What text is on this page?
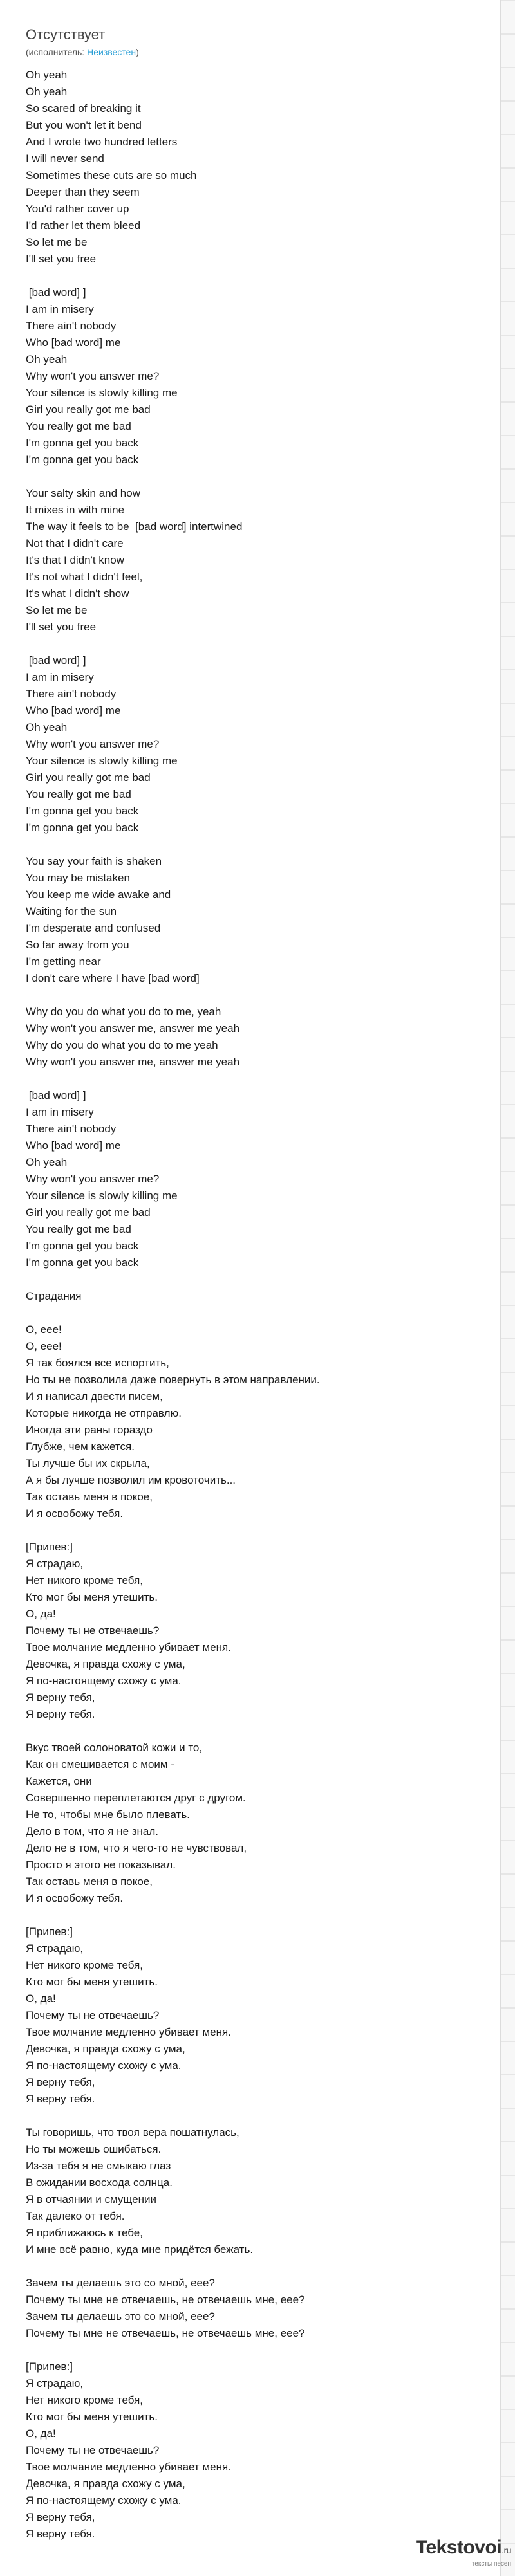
Отсутствует
(исполнитель: Неизвестен)
Oh yeah
Oh yeah
So scared of breaking it
But you won't let it bend
And I wrote two hundred letters
I will never send
Sometimes these cuts are so much
Deeper than they seem
You'd rather cover up
I'd rather let them bleed
So let me be
I'll set you free
[bad word] ]
I am in misery
There ain't nobody
Who [bad word] me
Oh yeah
Why won't you answer me?
Your silence is slowly killing me
Girl you really got me bad
You really got me bad
I'm gonna get you back
I'm gonna get you back
Your salty skin and how
It mixes in with mine
The way it feels to be  [bad word] intertwined
Not that I didn't care
It's that I didn't know
It's not what I didn't feel,
It's what I didn't show
So let me be
I'll set you free
[bad word] ]
I am in misery
There ain't nobody
Who [bad word] me
Oh yeah
Why won't you answer me?
Your silence is slowly killing me
Girl you really got me bad
You really got me bad
I'm gonna get you back
I'm gonna get you back
You say your faith is shaken
You may be mistaken
You keep me wide awake and
Waiting for the sun
I'm desperate and confused
So far away from you
I'm getting near
I don't care where I have [bad word]
Why do you do what you do to me, yeah
Why won't you answer me, answer me yeah
Why do you do what you do to me yeah
Why won't you answer me, answer me yeah
[bad word] ]
I am in misery
There ain't nobody
Who [bad word] me
Oh yeah
Why won't you answer me?
Your silence is slowly killing me
Girl you really got me bad
You really got me bad
I'm gonna get you back
I'm gonna get you back
Страдания
О, еее!
О, еее!
Я так боялся все испортить,
Но ты не позволила даже повернуть в этом направлении.
И я написал двести писем,
Которые никогда не отправлю.
Иногда эти раны гораздо
Глубже, чем кажется.
Ты лучше бы их скрыла,
А я бы лучше позволил им кровоточить...
Так оставь меня в покое,
И я освобожу тебя.
[Припев:]
Я страдаю,
Нет никого кроме тебя,
Кто мог бы меня утешить.
О, да!
Почему ты не отвечаешь?
Твое молчание медленно убивает меня.
Девочка, я правда схожу с ума,
Я по-настоящему схожу с ума.
Я верну тебя,
Я верну тебя.
Вкус твоей солоноватой кожи и то,
Как он смешивается с моим -
Кажется, они
Совершенно переплетаются друг с другом.
Не то, чтобы мне было плевать.
Дело в том, что я не знал.
Дело не в том, что я чего-то не чувствовал,
Просто я этого не показывал.
Так оставь меня в покое,
И я освобожу тебя.
[Припев:]
Я страдаю,
Нет никого кроме тебя,
Кто мог бы меня утешить.
О, да!
Почему ты не отвечаешь?
Твое молчание медленно убивает меня.
Девочка, я правда схожу с ума,
Я по-настоящему схожу с ума.
Я верну тебя,
Я верну тебя.
Ты говоришь, что твоя вера пошатнулась,
Но ты можешь ошибаться.
Из-за тебя я не смыкаю глаз
В ожидании восхода солнца.
Я в отчаянии и смущении
Так далеко от тебя.
Я приближаюсь к тебе,
И мне всё равно, куда мне придётся бежать.
Зачем ты делаешь это со мной, еее?
Почему ты мне не отвечаешь, не отвечаешь мне, еее?
Зачем ты делаешь это со мной, еее?
Почему ты мне не отвечаешь, не отвечаешь мне, еее?
[Припев:]
Я страдаю,
Нет никого кроме тебя,
Кто мог бы меня утешить.
О, да!
Почему ты не отвечаешь?
Твое молчание медленно убивает меня.
Девочка, я правда схожу с ума,
Я по-настоящему схожу с ума.
Я верну тебя,
Я верну тебя.
Tekstovoi.ru
тексты песен
